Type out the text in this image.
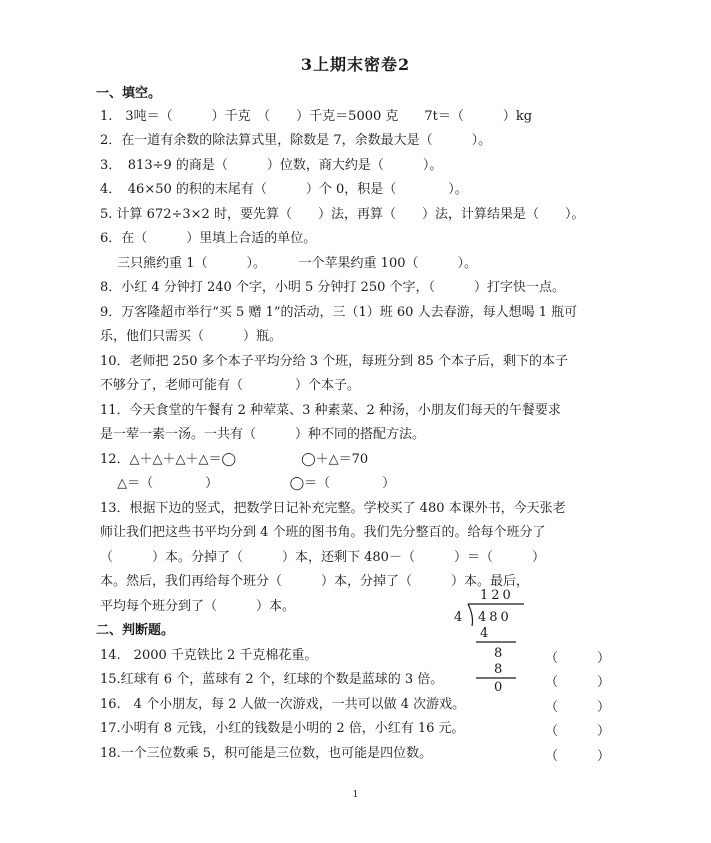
3上期末密卷2
一、填空。
1.　3吨＝（　　　）千克　（　　）千克＝5000 克　　7t＝（　　　）kg
2．在一道有余数的除法算式里，除数是 7，余数最大是（　　　）。
3．　813÷9 的商是（　　　）位数，商大约是（　　　）。
4．　46×50 的积的末尾有（　　　）个 0，积是（　　　　）。
5. 计算 672÷3×2 时，要先算（　　）法，再算（　　）法，计算结果是（　　）。
6．在（　　　）里填上合适的单位。
　 三只熊约重 1（　　　）。　　　一个苹果约重 100（　　　）。
8．小红 4 分钟打 240 个字，小明 5 分钟打 250 个字，（　　　）打字快一点。
9．万客隆超市举行“买 5 赠 1”的活动，三（1）班 60 人去春游，每人想喝 1 瓶可
乐，他们只需买（　　　）瓶。
10．老师把 250 多个本子平均分给 3 个班，每班分到 85 个本子后，剩下的本子
不够分了，老师可能有（　　　　）个本子。
11．今天食堂的午餐有 2 种荤菜、3 种素菜、2 种汤，小朋友们每天的午餐要求
是一荤一素一汤。一共有（　　　）种不同的搭配方法。
12．△＋△＋△＋△＝◯　　　　　◯＋△＝70
　 △＝（　　　　）　　　　　　◯＝（　　　　）
13．根据下边的竖式，把数学日记补充完整。学校买了 480 本课外书，今天张老
师让我们把这些书平均分到 4 个班的图书角。我们先分整百的。给每个班分了
（　　　）本。分掉了（　　　）本，还剩下 480－（　　　）＝（　　　）
本。然后，我们再给每个班分（　　　）本，分掉了（　　　）本。最后，
平均每个班分到了（　　　）本。
二、判断题。
14.　2000 千克铁比 2 千克棉花重。
15.红球有 6 个，蓝球有 2 个，红球的个数是蓝球的 3 倍。
16.　4 个小朋友，每 2 人做一次游戏，一共可以做 4 次游戏。
17.小明有 8 元钱，小红的钱数是小明的 2 倍，小红有 16 元。
18.一个三位数乘 5，积可能是三位数，也可能是四位数。
（　　　）
（　　　）
（　　　）
（　　　）
（　　　）
120
4 480
4
8
8
0
1
